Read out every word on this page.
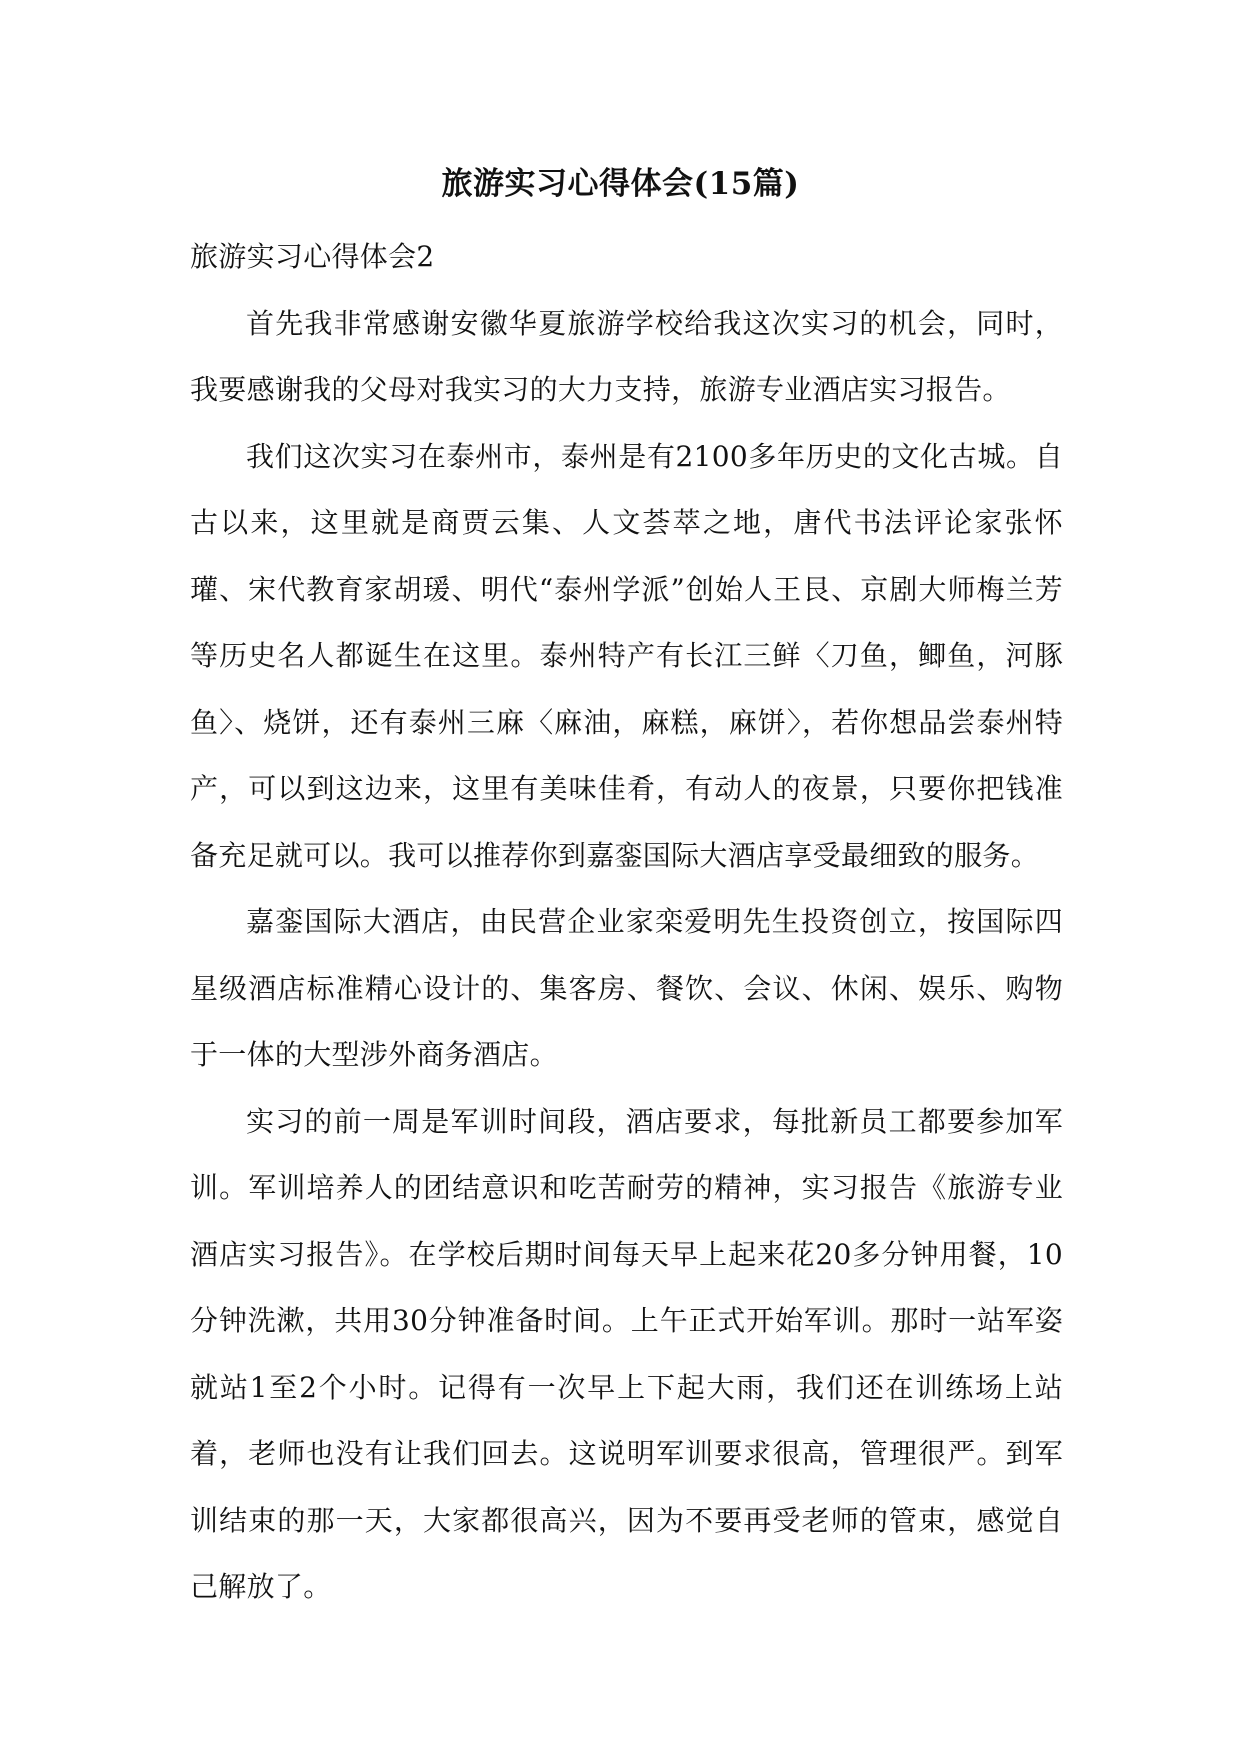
旅游实习心得体会(15篇)

旅游实习心得体会2

首先我非常感谢安徽华夏旅游学校给我这次实习的机会，同时，我要感谢我的父母对我实习的大力支持，旅游专业酒店实习报告。

我们这次实习在泰州市，泰州是有2100多年历史的文化古城。自古以来，这里就是商贾云集、人文荟萃之地，唐代书法评论家张怀瓘、宋代教育家胡瑗、明代“泰州学派”创始人王艮、京剧大师梅兰芳等历史名人都诞生在这里。泰州特产有长江三鲜〈刀鱼，鲫鱼，河豚鱼〉、烧饼，还有泰州三麻〈麻油，麻糕，麻饼〉，若你想品尝泰州特产，可以到这边来，这里有美味佳肴，有动人的夜景，只要你把钱准备充足就可以。我可以推荐你到嘉銮国际大酒店享受最细致的服务。

嘉銮国际大酒店，由民营企业家栾爱明先生投资创立，按国际四星级酒店标准精心设计的、集客房、餐饮、会议、休闲、娱乐、购物于一体的大型涉外商务酒店。

实习的前一周是军训时间段，酒店要求，每批新员工都要参加军训。军训培养人的团结意识和吃苦耐劳的精神，实习报告《旅游专业酒店实习报告》。在学校后期时间每天早上起来花20多分钟用餐，10分钟洗漱，共用30分钟准备时间。上午正式开始军训。那时一站军姿就站1至2个小时。记得有一次早上下起大雨，我们还在训练场上站着，老师也没有让我们回去。这说明军训要求很高，管理很严。到军训结束的那一天，大家都很高兴，因为不要再受老师的管束，感觉自己解放了。
